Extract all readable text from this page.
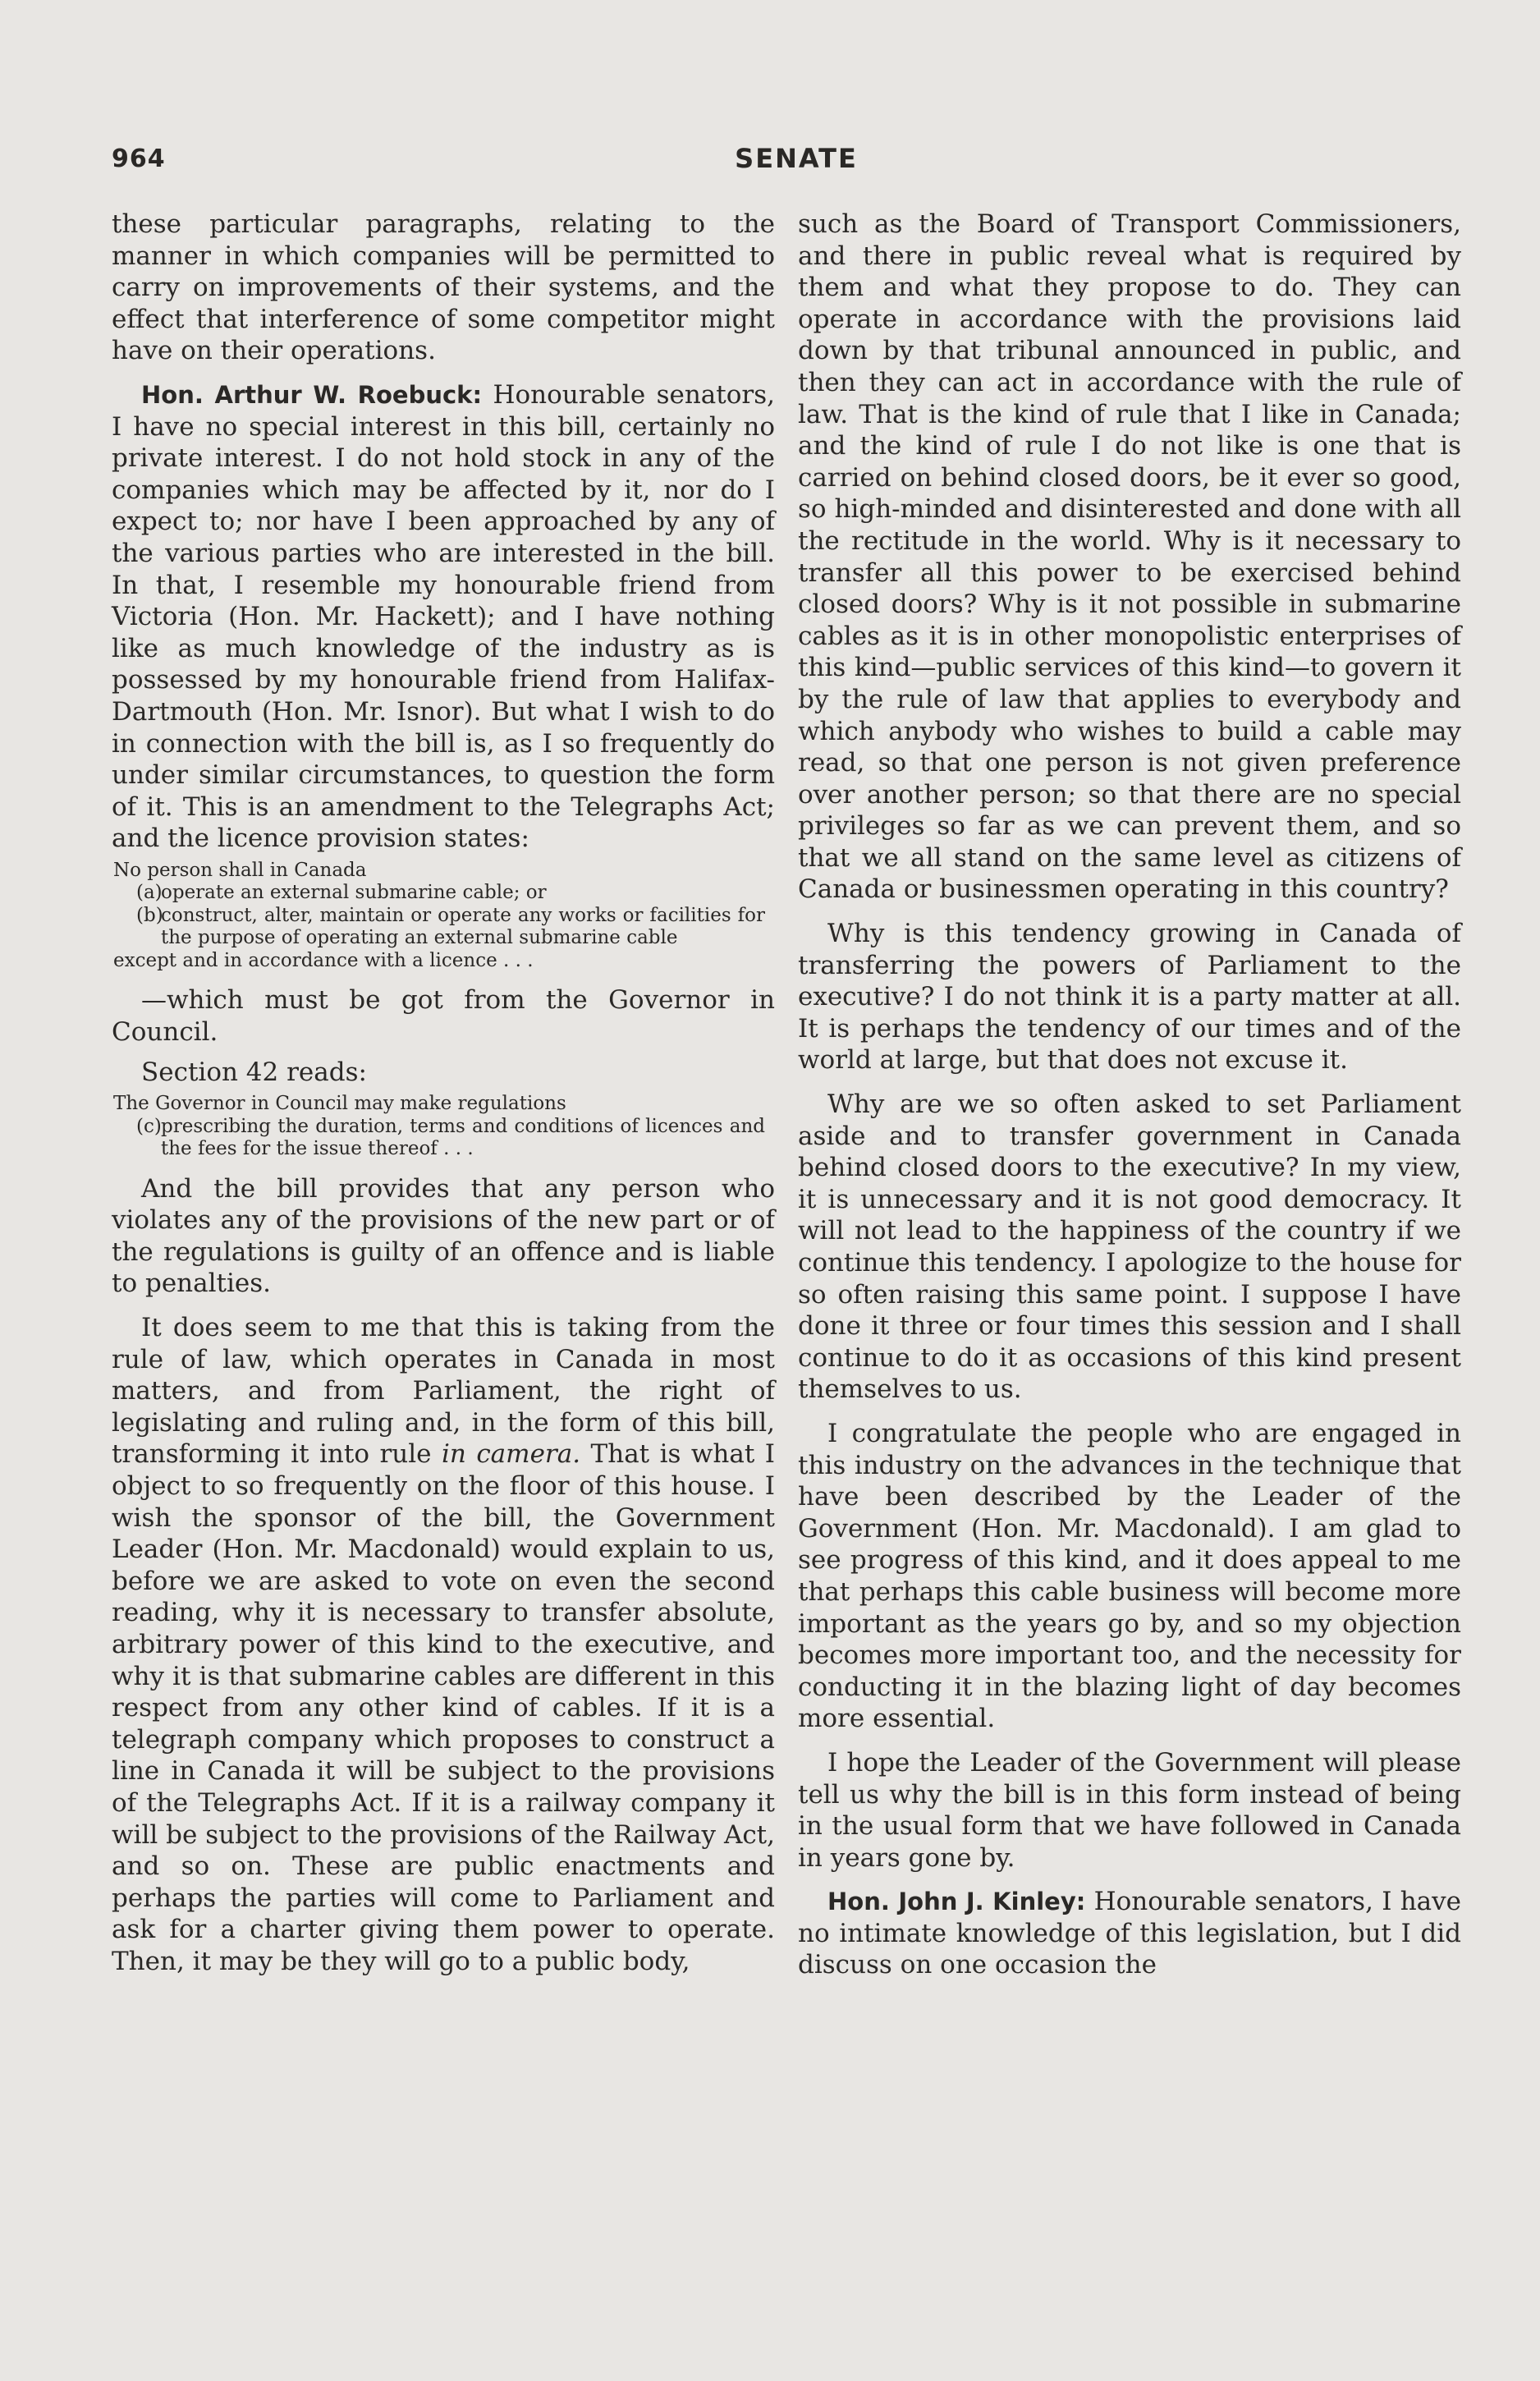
964	SENATE

these particular paragraphs, relating to the manner in which companies will be permitted to carry on improvements of their systems, and the effect that interference of some competitor might have on their operations.

Hon. Arthur W. Roebuck: Honourable senators, I have no special interest in this bill, certainly no private interest. I do not hold stock in any of the companies which may be affected by it, nor do I expect to; nor have I been approached by any of the various parties who are interested in the bill. In that, I resemble my honourable friend from Victoria (Hon. Mr. Hackett); and I have nothing like as much knowledge of the industry as is possessed by my honourable friend from Halifax-Dartmouth (Hon. Mr. Isnor). But what I wish to do in connection with the bill is, as I so frequently do under similar circumstances, to question the form of it. This is an amendment to the Telegraphs Act; and the licence provision states:

No person shall in Canada
(a)operate an external submarine cable; or
(b)construct, alter, maintain or operate any works or facilities for the purpose of operating an external submarine cable
except and in accordance with a licence . . .

—which must be got from the Governor in Council.

Section 42 reads:

The Governor in Council may make regulations
(c)prescribing the duration, terms and conditions of licences and the fees for the issue thereof . . .

And the bill provides that any person who violates any of the provisions of the new part or of the regulations is guilty of an offence and is liable to penalties.

It does seem to me that this is taking from the rule of law, which operates in Canada in most matters, and from Parliament, the right of legislating and ruling and, in the form of this bill, transforming it into rule in camera. That is what I object to so frequently on the floor of this house. I wish the sponsor of the bill, the Government Leader (Hon. Mr. Macdonald) would explain to us, before we are asked to vote on even the second reading, why it is necessary to transfer absolute, arbitrary power of this kind to the executive, and why it is that submarine cables are different in this respect from any other kind of cables. If it is a telegraph company which proposes to construct a line in Canada it will be subject to the provisions of the Telegraphs Act. If it is a railway company it will be subject to the provisions of the Railway Act, and so on. These are public enactments and perhaps the parties will come to Parliament and ask for a charter giving them power to operate. Then, it may be they will go to a public body,

such as the Board of Transport Commissioners, and there in public reveal what is required by them and what they propose to do. They can operate in accordance with the provisions laid down by that tribunal announced in public, and then they can act in accordance with the rule of law. That is the kind of rule that I like in Canada; and the kind of rule I do not like is one that is carried on behind closed doors, be it ever so good, so high-minded and disinterested and done with all the rectitude in the world. Why is it necessary to transfer all this power to be exercised behind closed doors? Why is it not possible in submarine cables as it is in other monopolistic enterprises of this kind—public services of this kind—to govern it by the rule of law that applies to everybody and which anybody who wishes to build a cable may read, so that one person is not given preference over another person; so that there are no special privileges so far as we can prevent them, and so that we all stand on the same level as citizens of Canada or businessmen operating in this country?

Why is this tendency growing in Canada of transferring the powers of Parliament to the executive? I do not think it is a party matter at all. It is perhaps the tendency of our times and of the world at large, but that does not excuse it.

Why are we so often asked to set Parliament aside and to transfer government in Canada behind closed doors to the executive? In my view, it is unnecessary and it is not good democracy. It will not lead to the happiness of the country if we continue this tendency. I apologize to the house for so often raising this same point. I suppose I have done it three or four times this session and I shall continue to do it as occasions of this kind present themselves to us.

I congratulate the people who are engaged in this industry on the advances in the technique that have been described by the Leader of the Government (Hon. Mr. Macdonald). I am glad to see progress of this kind, and it does appeal to me that perhaps this cable business will become more important as the years go by, and so my objection becomes more important too, and the necessity for conducting it in the blazing light of day becomes more essential.

I hope the Leader of the Government will please tell us why the bill is in this form instead of being in the usual form that we have followed in Canada in years gone by.

Hon. John J. Kinley: Honourable senators, I have no intimate knowledge of this legislation, but I did discuss on one occasion the
